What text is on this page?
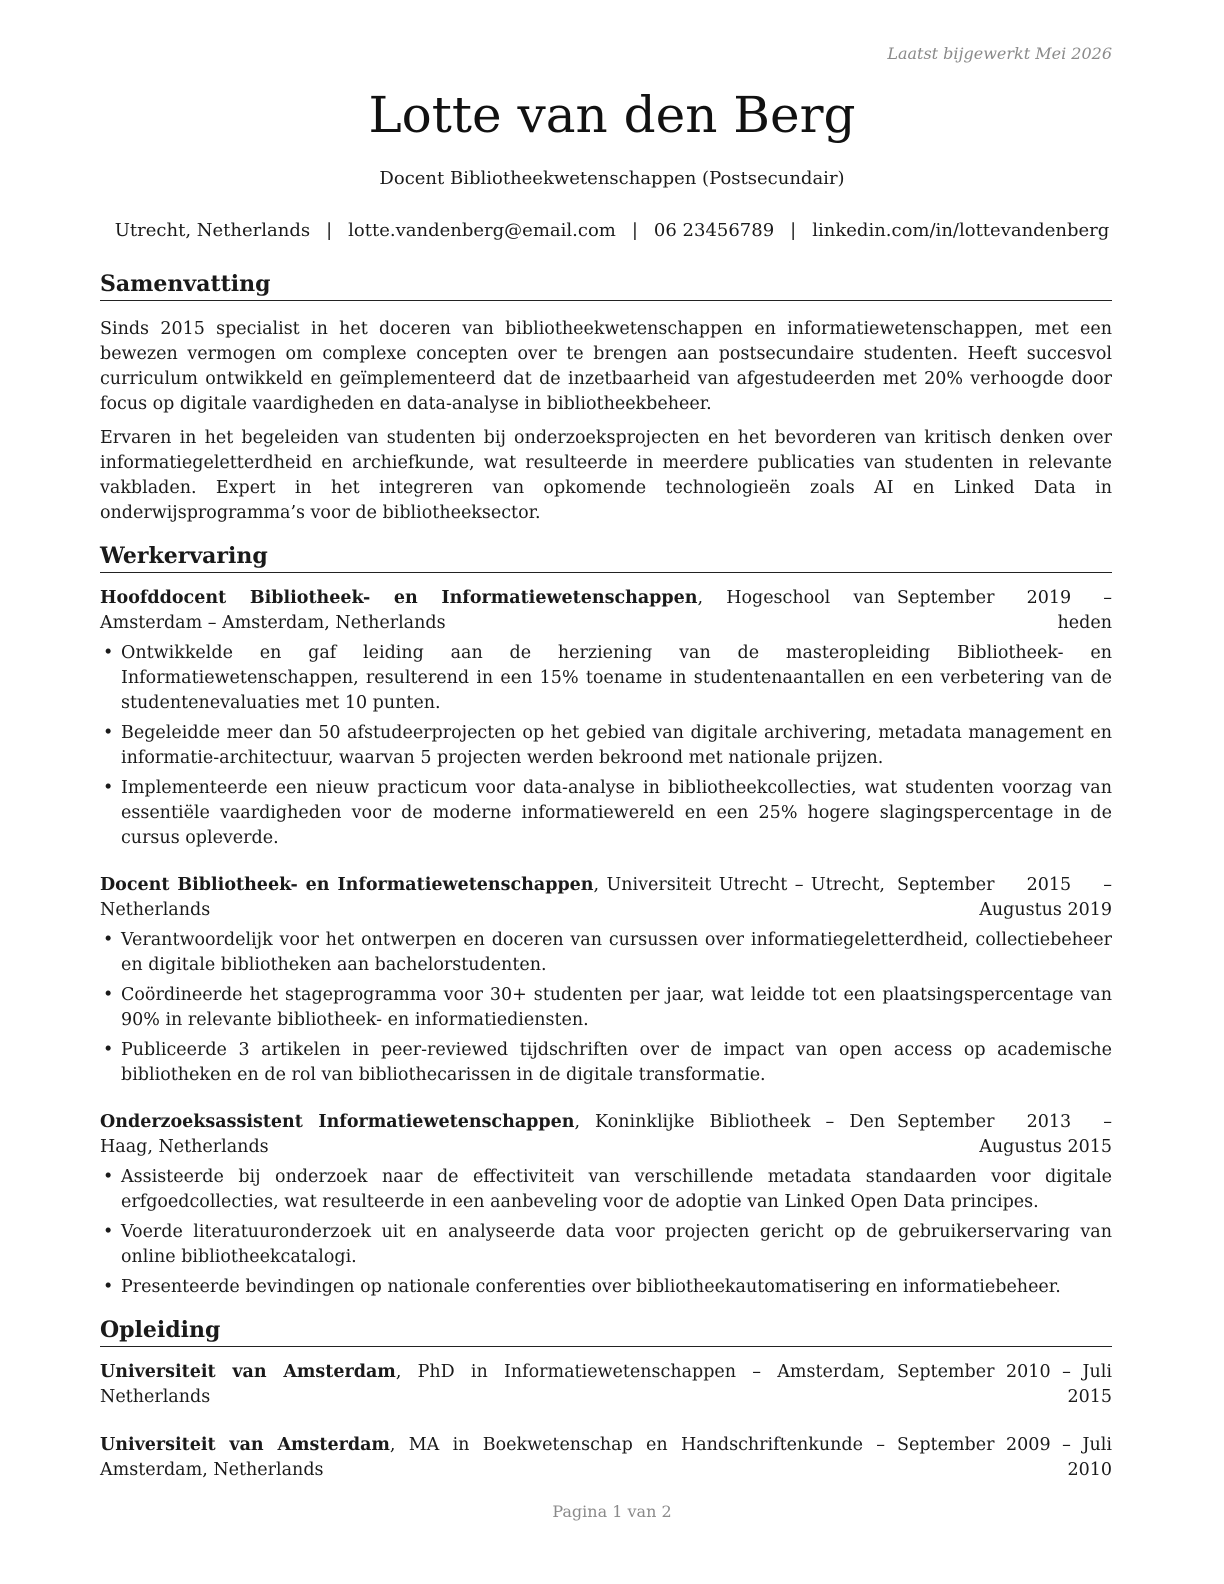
Laatst bijgewerkt Mei 2026
Lotte van den Berg
Docent Bibliotheekwetenschappen (Postsecundair)
Utrecht, Netherlands | lotte.vandenberg@email.com | 06 23456789 | linkedin.com/in/lottevandenberg
Samenvatting

Sinds 2015 specialist in het doceren van bibliotheekwetenschappen en informatiewetenschappen, met een bewezen vermogen om complexe concepten over te brengen aan postsecundaire studenten. Heeft succesvol curriculum ontwikkeld en geïmplementeerd dat de inzetbaarheid van afgestudeerden met 20% verhoogde door focus op digitale vaardigheden en data-analyse in bibliotheekbeheer.

Ervaren in het begeleiden van studenten bij onderzoeksprojecten en het bevorderen van kritisch denken over informatiegeletterdheid en archiefkunde, wat resulteerde in meerdere publicaties van studenten in relevante vakbladen. Expert in het integreren van opkomende technologieën zoals AI en Linked Data in onderwijsprogramma’s voor de bibliotheeksector.

Werkervaring
Hoofddocent Bibliotheek- en Informatiewetenschappen, Hogeschool van Amsterdam – Amsterdam, Netherlands
September 2019 – heden
• Ontwikkelde en gaf leiding aan de herziening van de masteropleiding Bibliotheek- en Informatiewetenschappen, resulterend in een 15% toename in studentenaantallen en een verbetering van de studentenevaluaties met 10 punten.
• Begeleidde meer dan 50 afstudeerprojecten op het gebied van digitale archivering, metadata management en informatie-architectuur, waarvan 5 projecten werden bekroond met nationale prijzen.
• Implementeerde een nieuw practicum voor data-analyse in bibliotheekcollecties, wat studenten voorzag van essentiële vaardigheden voor de moderne informatiewereld en een 25% hogere slagingspercentage in de cursus opleverde.
Docent Bibliotheek- en Informatiewetenschappen, Universiteit Utrecht – Utrecht, Netherlands
September 2015 – Augustus 2019
• Verantwoordelijk voor het ontwerpen en doceren van cursussen over informatiegeletterdheid, collectiebeheer en digitale bibliotheken aan bachelorstudenten.
• Coördineerde het stageprogramma voor 30+ studenten per jaar, wat leidde tot een plaatsingspercentage van 90% in relevante bibliotheek- en informatiediensten.
• Publiceerde 3 artikelen in peer-reviewed tijdschriften over de impact van open access op academische bibliotheken en de rol van bibliothecarissen in de digitale transformatie.
Onderzoeksassistent Informatiewetenschappen, Koninklijke Bibliotheek – Den Haag, Netherlands
September 2013 – Augustus 2015
• Assisteerde bij onderzoek naar de effectiviteit van verschillende metadata standaarden voor digitale erfgoedcollecties, wat resulteerde in een aanbeveling voor de adoptie van Linked Open Data principes.
• Voerde literatuuronderzoek uit en analyseerde data voor projecten gericht op de gebruikerservaring van online bibliotheekcatalogi.
• Presenteerde bevindingen op nationale conferenties over bibliotheekautomatisering en informatiebeheer.
Opleiding
Universiteit van Amsterdam, PhD in Informatiewetenschappen – Amsterdam, Netherlands
September 2010 – Juli 2015
Universiteit van Amsterdam, MA in Boekwetenschap en Handschriftenkunde – Amsterdam, Netherlands
September 2009 – Juli 2010
Pagina 1 van 2
